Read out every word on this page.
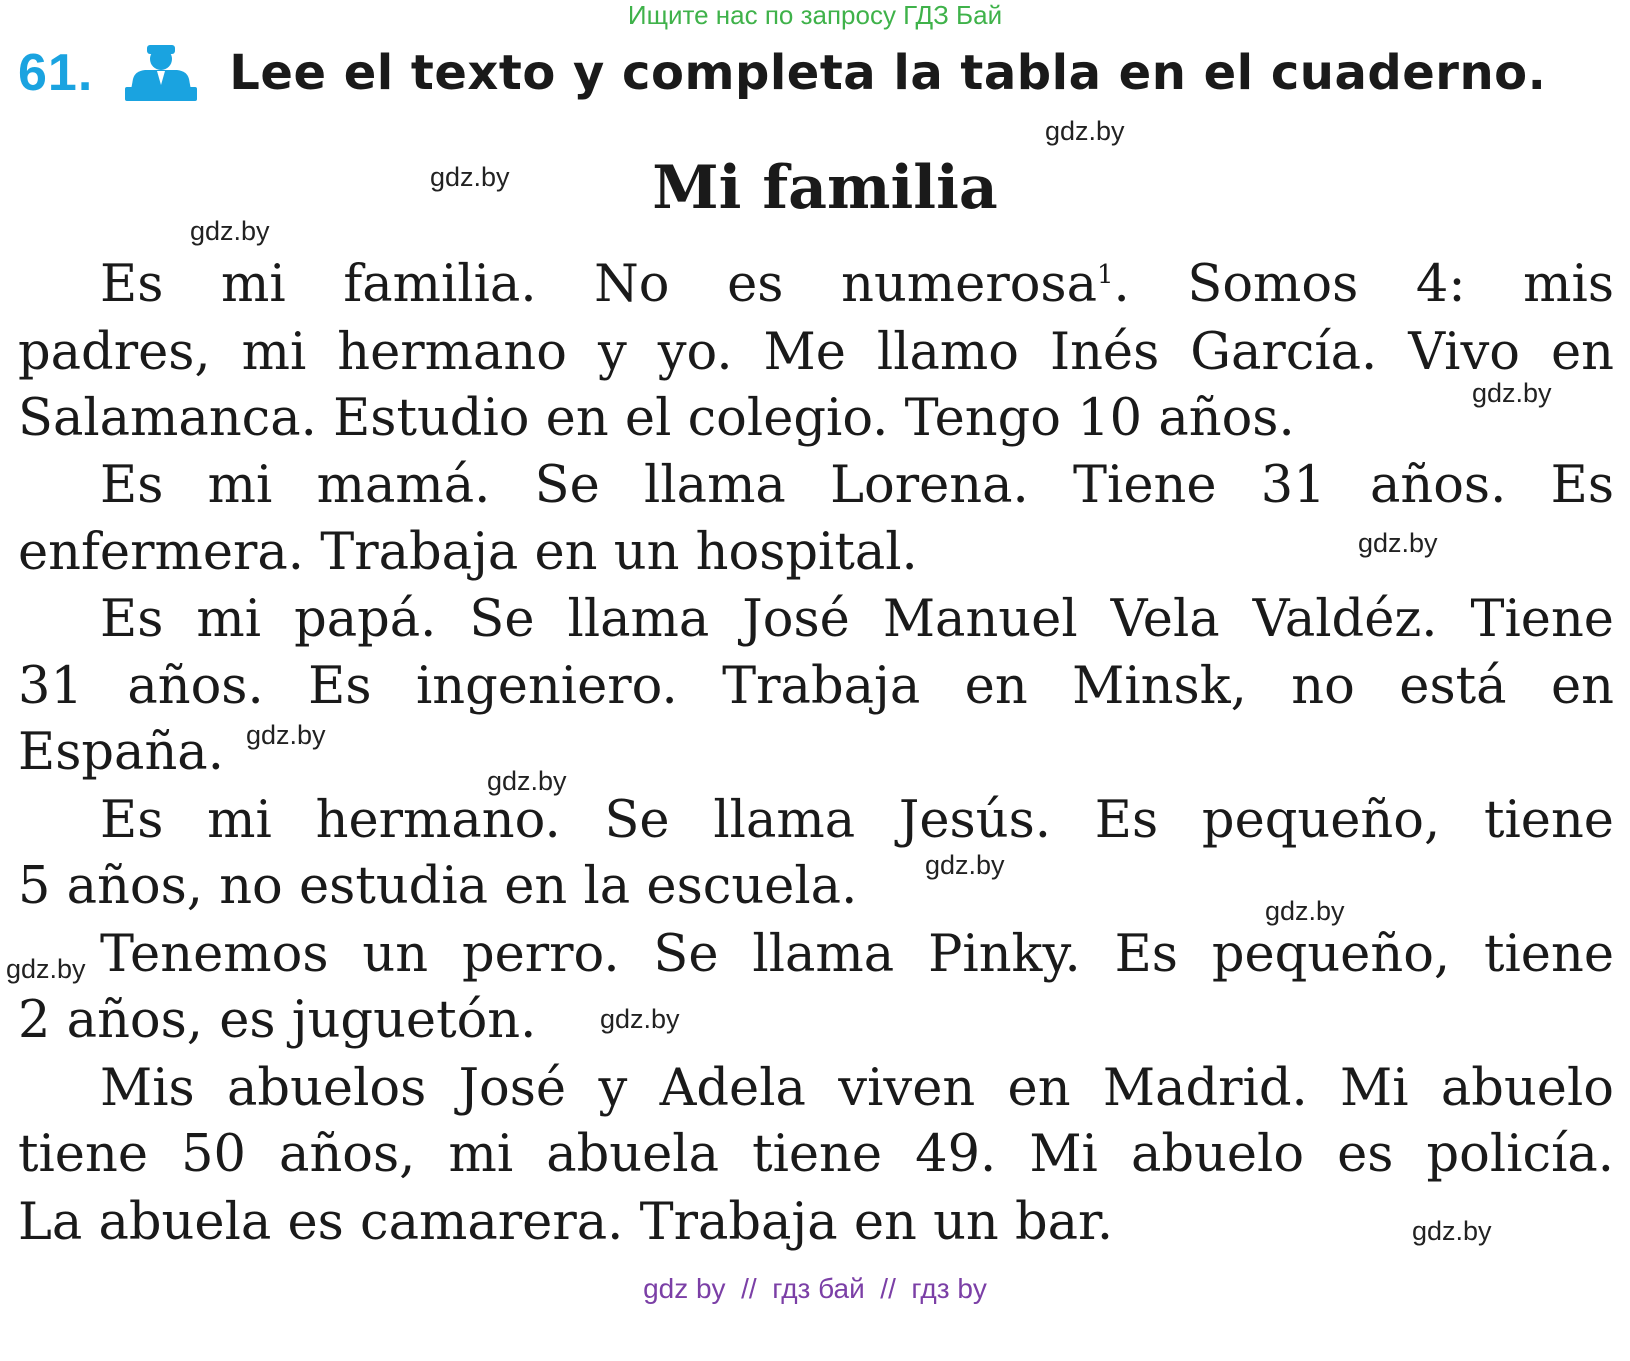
Ищите нас по запросу ГДЗ Бай
61.	Lee el texto y completa la tabla en el cuaderno.
Mi familia
Es mi familia. No es numerosa$^1$. Somos 4: mis
padres, mi hermano y yo. Me llamo Inés García. Vivo en
Salamanca. Estudio en el colegio. Tengo 10 años.
Es mi mamá. Se llama Lorena. Tiene 31 años. Es
enfermera. Trabaja en un hospital.
Es mi papá. Se llama José Manuel Vela Valdéz. Tiene
31 años. Es ingeniero. Trabaja en Minsk, no está en
España.
Es mi hermano. Se llama Jesús. Es pequeño, tiene
5 años, no estudia en la escuela.
Tenemos un perro. Se llama Pinky. Es pequeño, tiene
2 años, es juguetón.
Mis abuelos José y Adela viven en Madrid. Mi abuelo
tiene 50 años, mi abuela tiene 49. Mi abuelo es policía.
La abuela es camarera. Trabaja en un bar.
gdz.by
gdz.by
gdz.by
gdz.by
gdz.by
gdz.by
gdz.by
gdz.by
gdz.by
gdz.by
gdz.by
gdz.by
gdz by  //  гдз бай  //  гдз by
